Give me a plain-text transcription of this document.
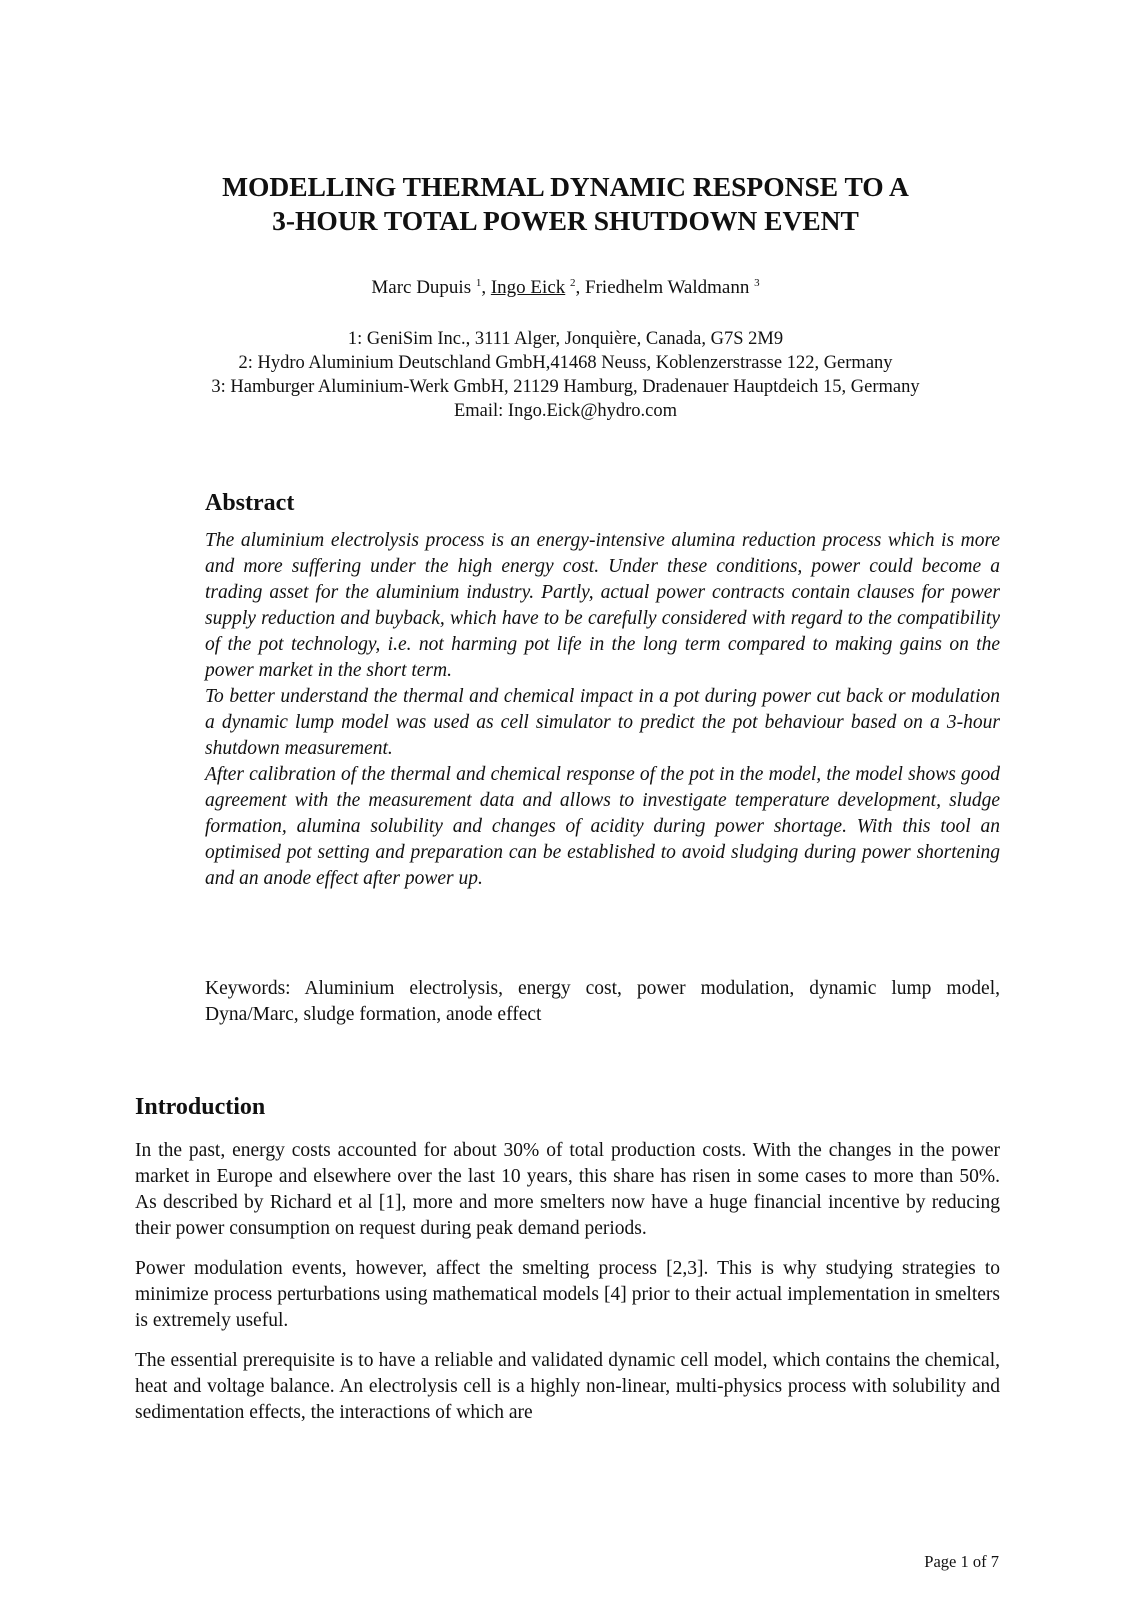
MODELLING THERMAL DYNAMIC RESPONSE TO A
3-HOUR TOTAL POWER SHUTDOWN EVENT
Marc Dupuis $^1$, Ingo Eick $^2$, Friedhelm Waldmann $^3$
1: GeniSim Inc., 3111 Alger, Jonquière, Canada, G7S 2M9
2: Hydro Aluminium Deutschland GmbH,41468 Neuss, Koblenzerstrasse 122, Germany
3: Hamburger Aluminium-Werk GmbH, 21129 Hamburg, Dradenauer Hauptdeich 15, Germany
Email: Ingo.Eick@hydro.com
Abstract

The aluminium electrolysis process is an energy-intensive alumina reduction process which is more and more suffering under the high energy cost. Under these conditions, power could become a trading asset for the aluminium industry. Partly, actual power contracts contain clauses for power supply reduction and buyback, which have to be carefully considered with regard to the compatibility of the pot technology, i.e. not harming pot life in the long term compared to making gains on the power market in the short term.

To better understand the thermal and chemical impact in a pot during power cut back or modulation a dynamic lump model was used as cell simulator to predict the pot behaviour based on a 3-hour shutdown measurement.

After calibration of the thermal and chemical response of the pot in the model, the model shows good agreement with the measurement data and allows to investigate temperature development, sludge formation, alumina solubility and changes of acidity during power shortage. With this tool an optimised pot setting and preparation can be established to avoid sludging during power shortening and an anode effect after power up.

Keywords: Aluminium electrolysis, energy cost, power modulation, dynamic lump model, Dyna/Marc, sludge formation, anode effect
Introduction

In the past, energy costs accounted for about 30% of total production costs. With the changes in the power market in Europe and elsewhere over the last 10 years, this share has risen in some cases to more than 50%. As described by Richard et al [1], more and more smelters now have a huge financial incentive by reducing their power consumption on request during peak demand periods.

Power modulation events, however, affect the smelting process [2,3]. This is why studying strategies to minimize process perturbations using mathematical models [4] prior to their actual implementation in smelters is extremely useful.

The essential prerequisite is to have a reliable and validated dynamic cell model, which contains the chemical, heat and voltage balance. An electrolysis cell is a highly non-linear, multi-physics process with solubility and sedimentation effects, the interactions of which are

Page 1 of 7
